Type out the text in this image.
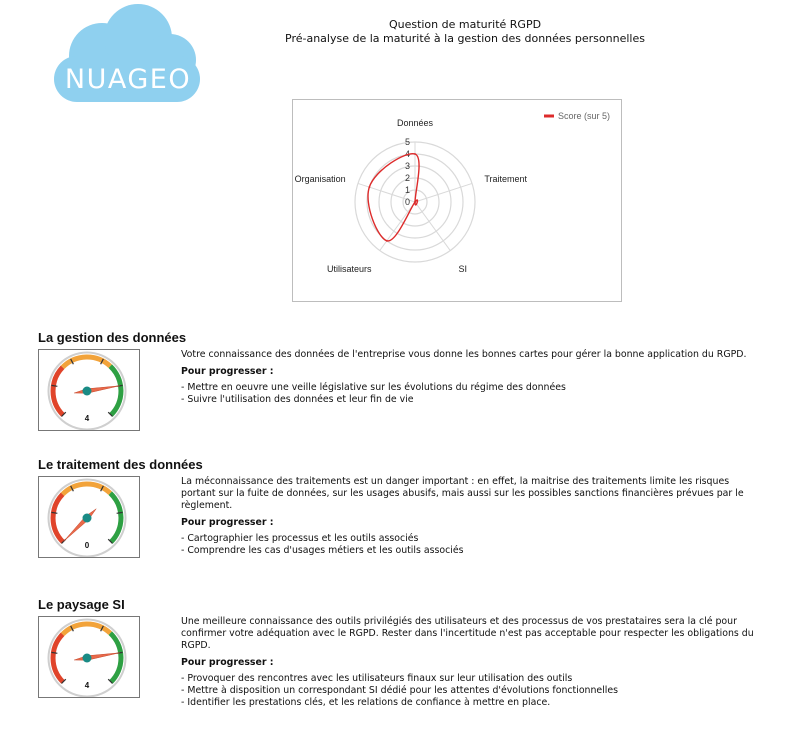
NUAGEO
Question de maturité RGPD
Pré-analyse de la maturité à la gestion des données personnelles
0
1
2
3
4
5
Données
Traitement
SI
Utilisateurs
Organisation
Score (sur 5)
La gestion des données
4

Votre connaissance des données de l'entreprise vous donne les bonnes cartes pour gérer la bonne application du RGPD.

Pour progresser :

- Mettre en oeuvre une veille législative sur les évolutions du régime des données
- Suivre l'utilisation des données et leur fin de vie
Le traitement des données
0

La méconnaissance des traitements est un danger important : en effet, la maitrise des traitements limite les risques portant sur la fuite de données, sur les usages abusifs, mais aussi sur les possibles sanctions financières prévues par le règlement.

Pour progresser :

- Cartographier les processus et les outils associés
- Comprendre les cas d'usages métiers et les outils associés
Le paysage SI
4

Une meilleure connaissance des outils privilégiés des utilisateurs et des processus de vos prestataires sera la clé pour confirmer votre adéquation avec le RGPD. Rester dans l'incertitude n'est pas acceptable pour respecter les obligations du RGPD.

Pour progresser :

- Provoquer des rencontres avec les utilisateurs finaux sur leur utilisation des outils
- Mettre à disposition un correspondant SI dédié pour les attentes d'évolutions fonctionnelles
- Identifier les prestations clés, et les relations de confiance à mettre en place.
